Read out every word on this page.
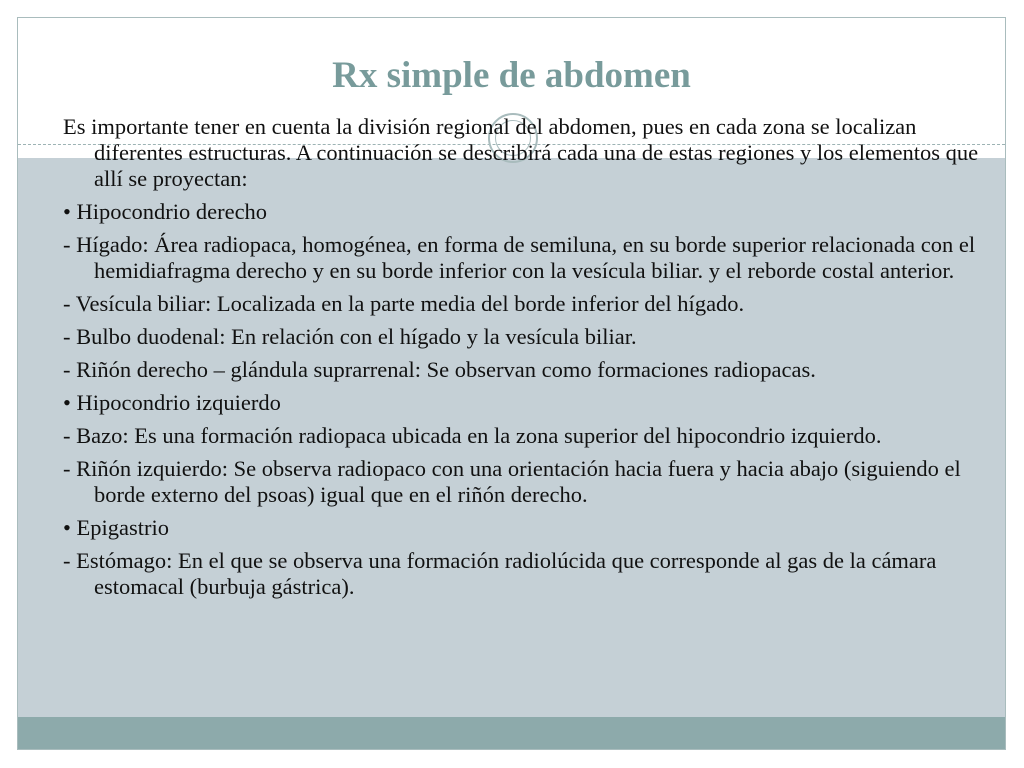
Rx simple de abdomen

Es importante tener en cuenta la división regional del abdomen, pues en cada zona se localizan diferentes estructuras. A continuación se describirá cada una de estas regiones y los elementos que allí se proyectan:

• Hipocondrio derecho

- Hígado: Área radiopaca, homogénea, en forma de semiluna, en su borde superior relacionada con el hemidiafragma derecho y en su borde inferior con la vesícula biliar. y el reborde costal anterior.

- Vesícula biliar: Localizada en la parte media del borde inferior del hígado.

- Bulbo duodenal: En relación con el hígado y la vesícula biliar.

- Riñón derecho – glándula suprarrenal: Se observan como formaciones radiopacas.

• Hipocondrio izquierdo

- Bazo: Es una formación radiopaca ubicada en la zona superior del hipocondrio izquierdo.

- Riñón izquierdo: Se observa radiopaco con una orientación hacia fuera y hacia abajo (siguiendo el borde externo del psoas) igual que en el riñón derecho.

• Epigastrio

- Estómago: En el que se observa una formación radiolúcida que corresponde al gas de la cámara estomacal (burbuja gástrica).
